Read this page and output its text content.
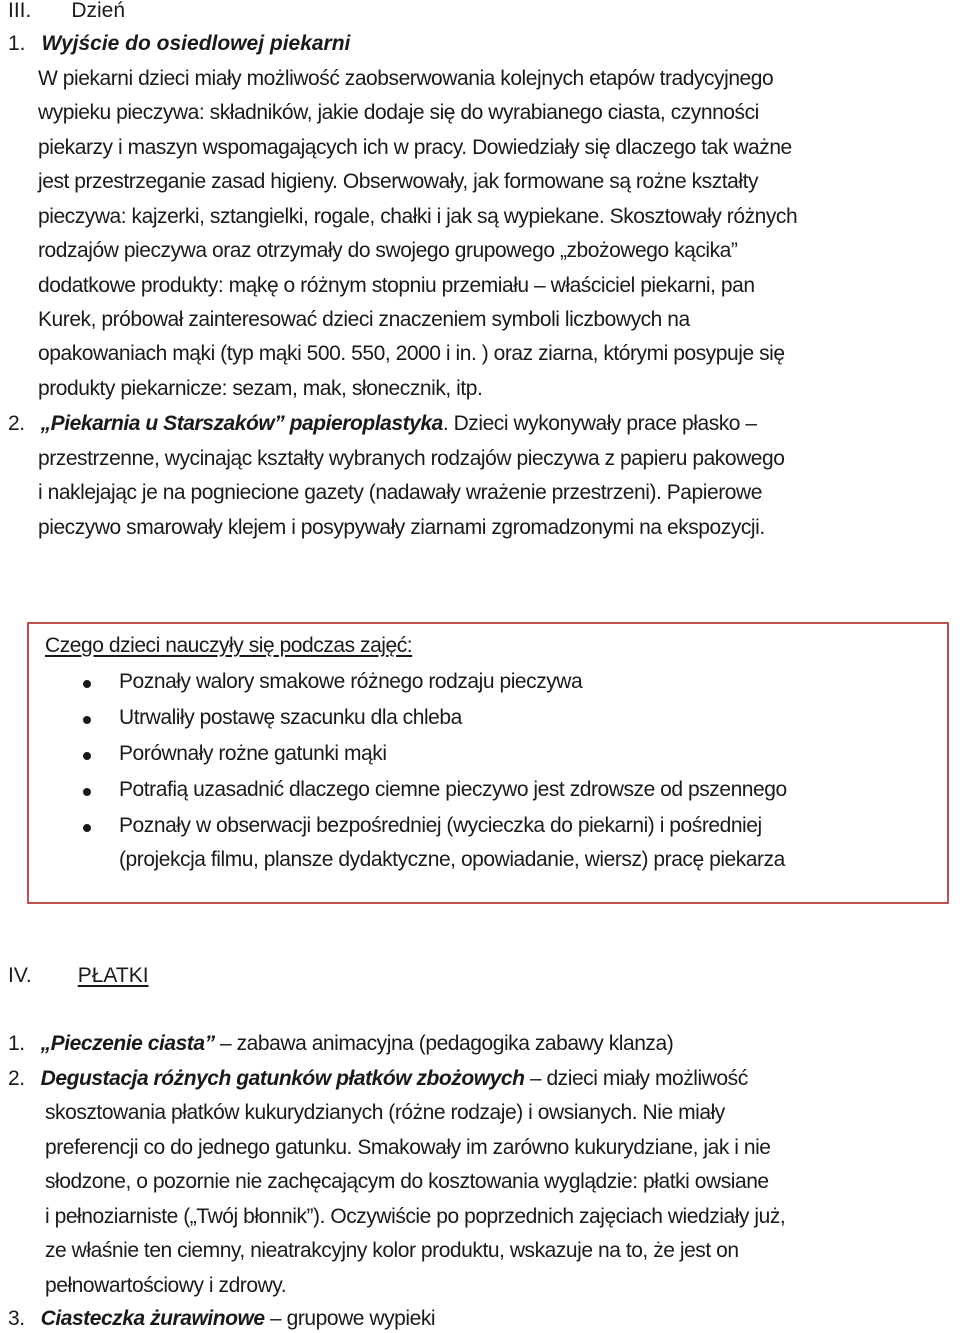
III. Dzień
1. Wyjście do osiedlowej piekarni
W piekarni dzieci miały możliwość zaobserwowania kolejnych etapów tradycyjnego
wypieku pieczywa: składników, jakie dodaje się do wyrabianego ciasta, czynności
piekarzy i maszyn wspomagających ich w pracy. Dowiedziały się dlaczego tak ważne
jest przestrzeganie zasad higieny. Obserwowały, jak formowane są rożne kształty
pieczywa: kajzerki, sztangielki, rogale, chałki i jak są wypiekane. Skosztowały różnych
rodzajów pieczywa oraz otrzymały do swojego grupowego „zbożowego kącika”
dodatkowe produkty: mąkę o różnym stopniu przemiału – właściciel piekarni, pan
Kurek, próbował zainteresować dzieci znaczeniem symboli liczbowych na
opakowaniach mąki (typ mąki 500. 550, 2000 i in. ) oraz ziarna, którymi posypuje się
produkty piekarnicze: sezam, mak, słonecznik, itp.
2. „Piekarnia u Starszaków” papieroplastyka. Dzieci wykonywały prace płasko –
przestrzenne, wycinając kształty wybranych rodzajów pieczywa z papieru pakowego
i naklejając je na pogniecione gazety (nadawały wrażenie przestrzeni). Papierowe
pieczywo smarowały klejem i posypywały ziarnami zgromadzonymi na ekspozycji.
Czego dzieci nauczyły się podczas zajęć:
Poznały walory smakowe różnego rodzaju pieczywa
Utrwaliły postawę szacunku dla chleba
Porównały rożne gatunki mąki
Potrafią uzasadnić dlaczego ciemne pieczywo jest zdrowsze od pszennego
Poznały w obserwacji bezpośredniej (wycieczka do piekarni) i pośredniej
(projekcja filmu, plansze dydaktyczne, opowiadanie, wiersz) pracę piekarza
IV. PŁATKI
1. „Pieczenie ciasta” – zabawa animacyjna (pedagogika zabawy klanza)
2. Degustacja różnych gatunków płatków zbożowych – dzieci miały możliwość
skosztowania płatków kukurydzianych (różne rodzaje) i owsianych. Nie miały
preferencji co do jednego gatunku. Smakowały im zarówno kukurydziane, jak i nie
słodzone, o pozornie nie zachęcającym do kosztowania wyglądzie: płatki owsiane
i pełnoziarniste („Twój błonnik”). Oczywiście po poprzednich zajęciach wiedziały już,
ze właśnie ten ciemny, nieatrakcyjny kolor produktu, wskazuje na to, że jest on
pełnowartościowy i zdrowy.
3. Ciasteczka żurawinowe – grupowe wypieki
